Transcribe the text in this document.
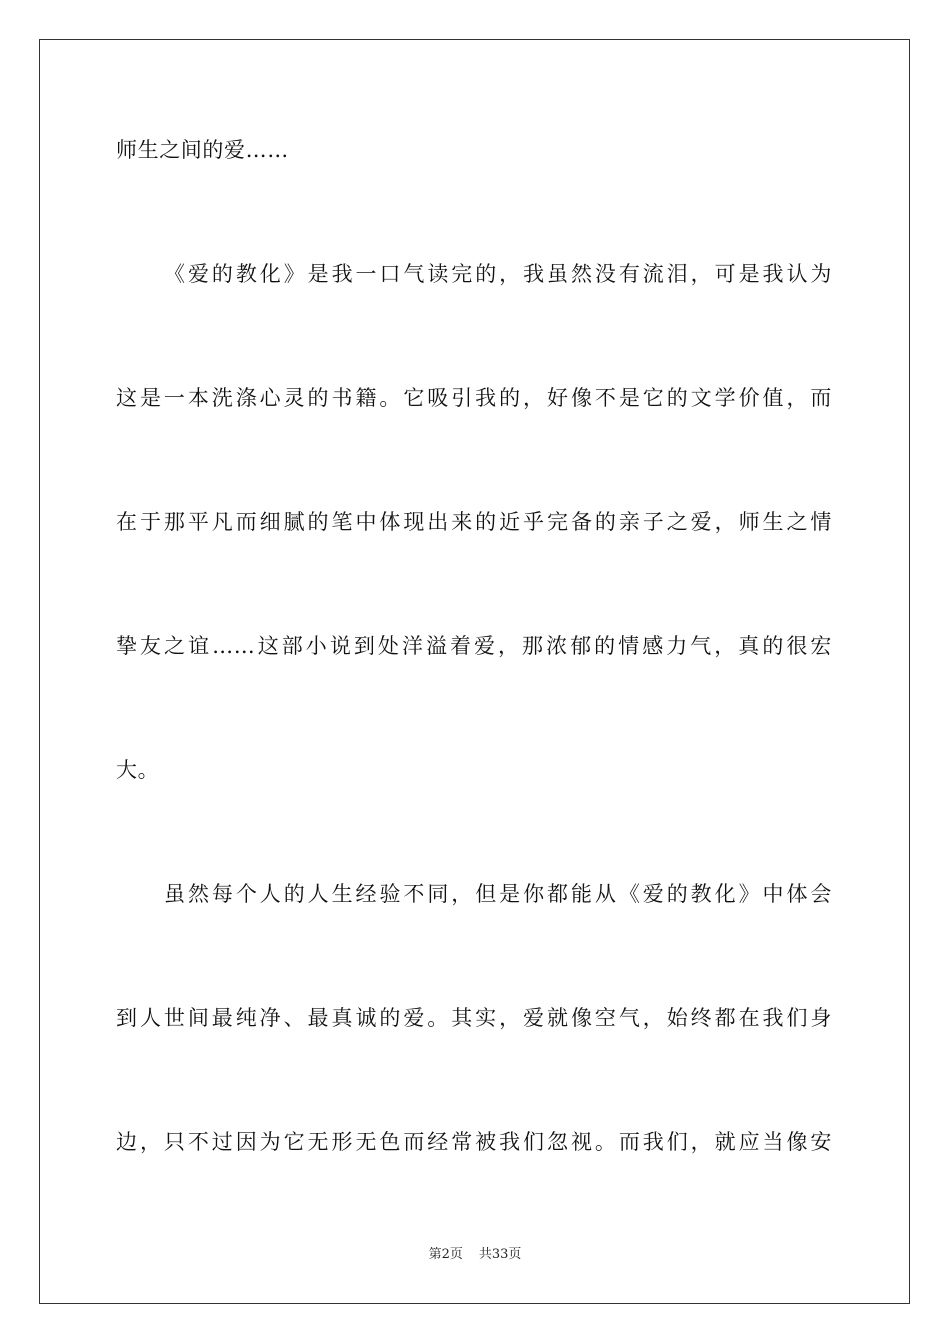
师生之间的爱……
《爱的教化》是我一口气读完的，我虽然没有流泪，可是我认为
这是一本洗涤心灵的书籍。它吸引我的，好像不是它的文学价值，而
在于那平凡而细腻的笔中体现出来的近乎完备的亲子之爱，师生之情
挚友之谊……这部小说到处洋溢着爱，那浓郁的情感力气，真的很宏
大。
虽然每个人的人生经验不同，但是你都能从《爱的教化》中体会
到人世间最纯净、最真诚的爱。其实，爱就像空气，始终都在我们身
边，只不过因为它无形无色而经常被我们忽视。而我们，就应当像安
第2页 共33页
